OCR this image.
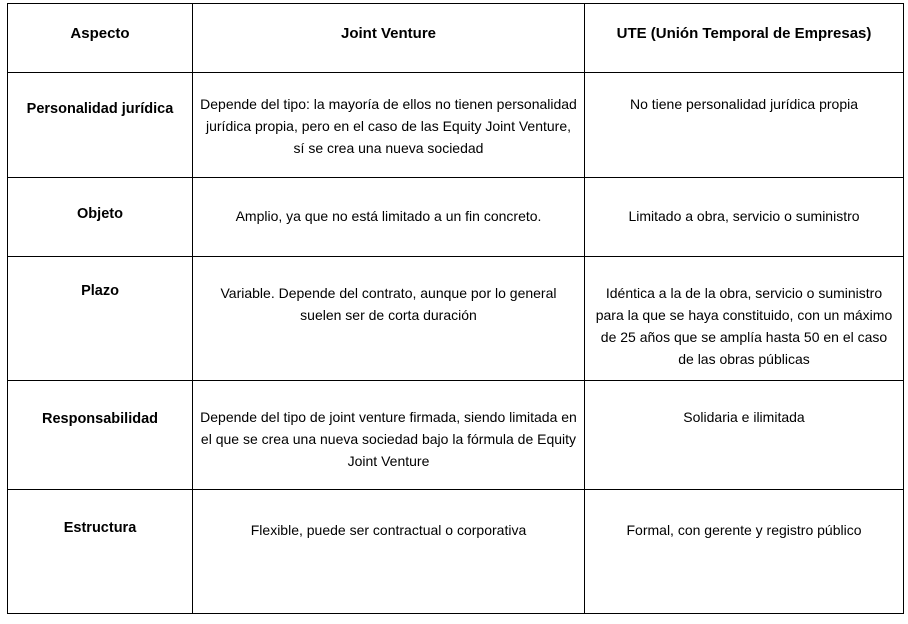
Aspecto	Joint Venture	UTE (Unión Temporal de Empresas)

Personalidad jurídica	Depende del tipo: la mayoría de ellos no tienen personalidad jurídica propia, pero en el caso de las Equity Joint Venture, sí se crea una nueva sociedad	No tiene personalidad jurídica propia

Objeto	Amplio, ya que no está limitado a un fin concreto.	Limitado a obra, servicio o suministro

Plazo	Variable. Depende del contrato, aunque por lo general suelen ser de corta duración	Idéntica a la de la obra, servicio o suministro para la que se haya constituido, con un máximo de 25 años que se amplía hasta 50 en el caso de las obras públicas

Responsabilidad	Depende del tipo de joint venture firmada, siendo limitada en el que se crea una nueva sociedad bajo la fórmula de Equity Joint Venture	Solidaria e ilimitada

Estructura	Flexible, puede ser contractual o corporativa	Formal, con gerente y registro público
